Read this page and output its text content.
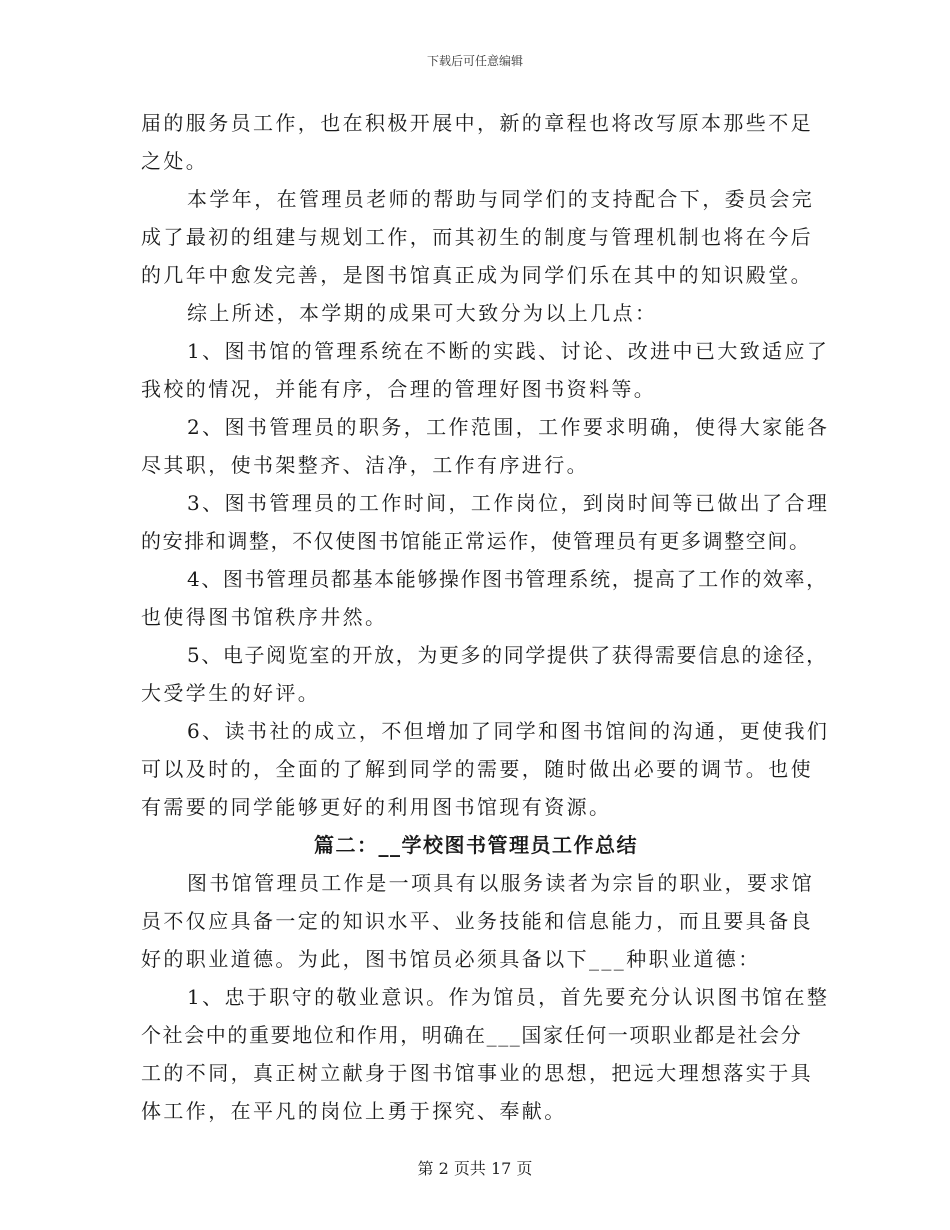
下载后可任意编辑
届的服务员工作，也在积极开展中，新的章程也将改写原本那些不足
之处。
本学年，在管理员老师的帮助与同学们的支持配合下，委员会完
成了最初的组建与规划工作，而其初生的制度与管理机制也将在今后
的几年中愈发完善，是图书馆真正成为同学们乐在其中的知识殿堂。
综上所述，本学期的成果可大致分为以上几点：
1、图书馆的管理系统在不断的实践、讨论、改进中已大致适应了
我校的情况，并能有序，合理的管理好图书资料等。
2、图书管理员的职务，工作范围，工作要求明确，使得大家能各
尽其职，使书架整齐、洁净，工作有序进行。
3、图书管理员的工作时间，工作岗位，到岗时间等已做出了合理
的安排和调整，不仅使图书馆能正常运作，使管理员有更多调整空间。
4、图书管理员都基本能够操作图书管理系统，提高了工作的效率，
也使得图书馆秩序井然。
5、电子阅览室的开放，为更多的同学提供了获得需要信息的途径，
大受学生的好评。
6、读书社的成立，不但增加了同学和图书馆间的沟通，更使我们
可以及时的，全面的了解到同学的需要，随时做出必要的调节。也使
有需要的同学能够更好的利用图书馆现有资源。
篇二：__学校图书管理员工作总结
图书馆管理员工作是一项具有以服务读者为宗旨的职业，要求馆
员不仅应具备一定的知识水平、业务技能和信息能力，而且要具备良
好的职业道德。为此，图书馆员必须具备以下___种职业道德：
1、忠于职守的敬业意识。作为馆员，首先要充分认识图书馆在整
个社会中的重要地位和作用，明确在___国家任何一项职业都是社会分
工的不同，真正树立献身于图书馆事业的思想，把远大理想落实于具
体工作，在平凡的岗位上勇于探究、奉献。
第 2 页共 17 页
